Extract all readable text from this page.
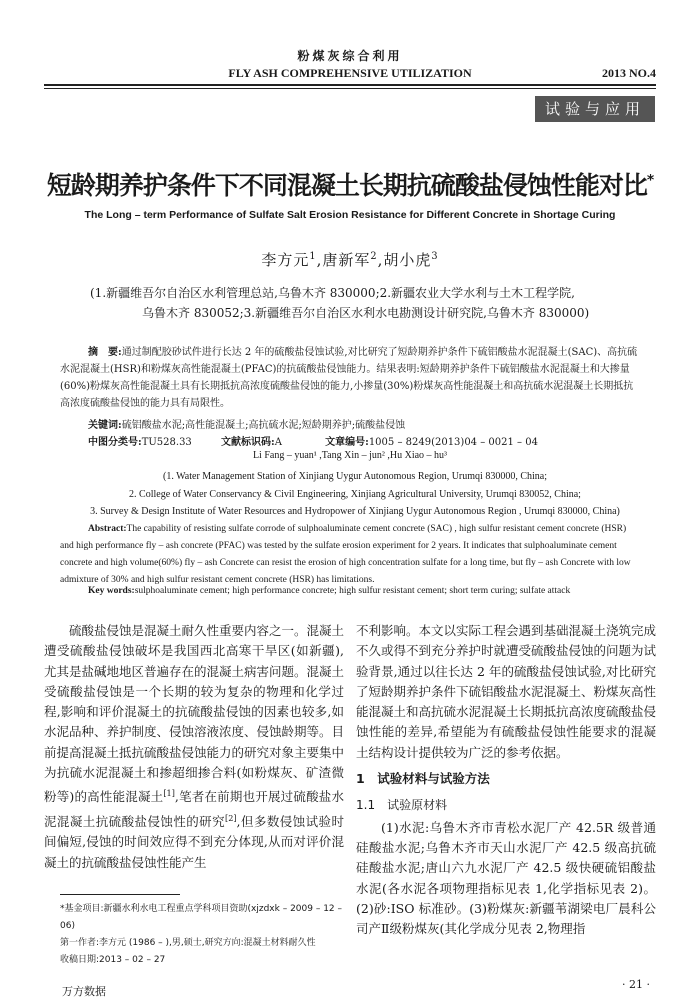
粉煤灰综合利用
FLY ASH COMPREHENSIVE UTILIZATION	2013 NO.4
试验与应用
短龄期养护条件下不同混凝土长期抗硫酸盐侵蚀性能对比*
The Long – term Performance of Sulfate Salt Erosion Resistance for Different Concrete in Shortage Curing
李方元$^1$,唐新军$^2$,胡小虎$^3$
(1.新疆维吾尔自治区水利管理总站,乌鲁木齐 830000;2.新疆农业大学水利与土木工程学院,
乌鲁木齐 830052;3.新疆维吾尔自治区水利水电勘测设计研究院,乌鲁木齐 830000)
摘　要:通过制配胶砂试件进行长达 2 年的硫酸盐侵蚀试验,对比研究了短龄期养护条件下硫铝酸盐水泥混凝土(SAC)、高抗硫水泥混凝土(HSR)和粉煤灰高性能混凝土(PFAC)的抗硫酸盐侵蚀能力。结果表明:短龄期养护条件下硫铝酸盐水泥混凝土和大掺量(60%)粉煤灰高性能混凝土具有长期抵抗高浓度硫酸盐侵蚀的能力,小掺量(30%)粉煤灰高性能混凝土和高抗硫水泥混凝土长期抵抗高浓度硫酸盐侵蚀的能力具有局限性。
关键词:硫铝酸盐水泥;高性能混凝土;高抗硫水泥;短龄期养护;硫酸盐侵蚀
中图分类号:TU528.33	文献标识码:A	文章编号:1005 – 8249(2013)04 – 0021 – 04
Li Fang – yuan¹ ,Tang Xin – jun² ,Hu Xiao – hu³
(1. Water Management Station of Xinjiang Uygur Autonomous Region, Urumqi 830000, China;
2. College of Water Conservancy & Civil Engineering, Xinjiang Agricultural University, Urumqi 830052, China;
3. Survey & Design Institute of Water Resources and Hydropower of Xinjiang Uygur Autonomous Region , Urumqi 830000, China)
Abstract:The capability of resisting sulfate corrode of sulphoaluminate cement concrete (SAC) , high sulfur resistant cement concrete (HSR) and high performance fly – ash concrete (PFAC) was tested by the sulfate erosion experiment for 2 years. It indicates that sulphoaluminate cement concrete and high volume(60%) fly – ash Concrete can resist the erosion of high concentration sulfate for a long time, but fly – ash Concrete with low admixture of 30% and high sulfur resistant cement concrete (HSR) has limitations.
Key words:sulphoaluminate cement; high performance concrete; high sulfur resistant cement; short term curing; sulfate attack

硫酸盐侵蚀是混凝土耐久性重要内容之一。混凝土遭受硫酸盐侵蚀破坏是我国西北高寒干旱区(如新疆),尤其是盐碱地地区普遍存在的混凝土病害问题。混凝土受硫酸盐侵蚀是一个长期的较为复杂的物理和化学过程,影响和评价混凝土的抗硫酸盐侵蚀的因素也较多,如水泥品种、养护制度、侵蚀溶液浓度、侵蚀龄期等。目前提高混凝土抵抗硫酸盐侵蚀能力的研究对象主要集中为抗硫水泥混凝土和掺超细掺合料(如粉煤灰、矿渣微粉等)的高性能混凝土[1],笔者在前期也开展过硫酸盐水泥混凝土抗硫酸盐侵蚀性的研究[2],但多数侵蚀试验时间偏短,侵蚀的时间效应得不到充分体现,从而对评价混凝土的抗硫酸盐侵蚀性能产生

不利影响。本文以实际工程会遇到基础混凝土浇筑完成不久或得不到充分养护时就遭受硫酸盐侵蚀的问题为试验背景,通过以往长达 2 年的硫酸盐侵蚀试验,对比研究了短龄期养护条件下硫铝酸盐水泥混凝土、粉煤灰高性能混凝土和高抗硫水泥混凝土长期抵抗高浓度硫酸盐侵蚀性能的差异,希望能为有硫酸盐侵蚀性能要求的混凝土结构设计提供较为广泛的参考依据。

1　试验材料与试验方法
1.1　试验原材料

(1)水泥:乌鲁木齐市青松水泥厂产 42.5R 级普通硅酸盐水泥;乌鲁木齐市天山水泥厂产 42.5 级高抗硫硅酸盐水泥;唐山六九水泥厂产 42.5 级快硬硫铝酸盐水泥(各水泥各项物理指标见表 1,化学指标见表 2)。(2)砂:ISO 标准砂。(3)粉煤灰:新疆苇湖梁电厂晨科公司产Ⅱ级粉煤灰(其化学成分见表 2,物理指

*基金项目:新疆水利水电工程重点学科项目资助(xjzdxk – 2009 – 12 – 06)
第一作者:李方元 (1986 – ),男,硕士,研究方向:混凝土材料耐久性
收稿日期:2013 – 02 – 27
· 21 ·
万方数据
